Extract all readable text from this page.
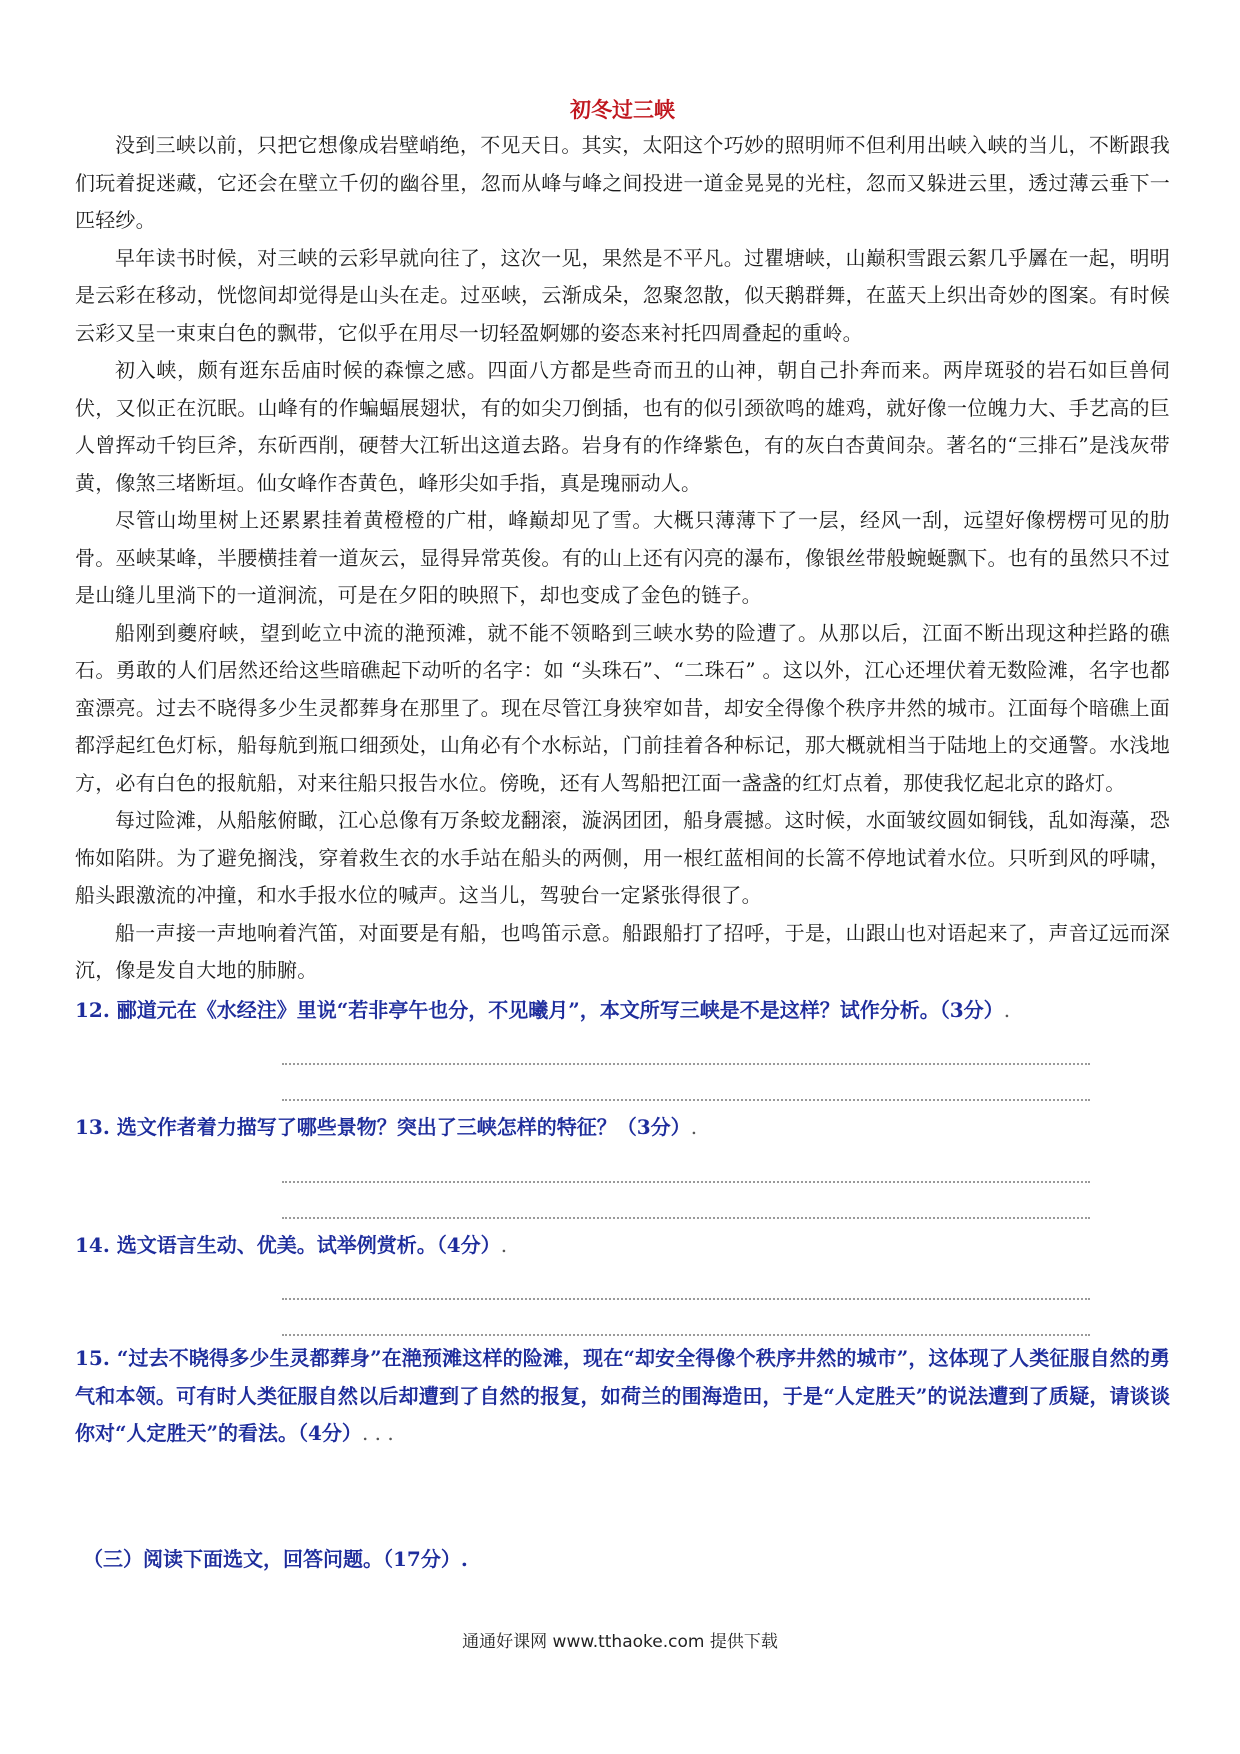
初冬过三峡

没到三峡以前，只把它想像成岩壁峭绝，不见天日。其实，太阳这个巧妙的照明师不但利用出峡入峡的当儿，不断跟我们玩着捉迷藏，它还会在壁立千仞的幽谷里，忽而从峰与峰之间投进一道金晃晃的光柱，忽而又躲进云里，透过薄云垂下一匹轻纱。

早年读书时候，对三峡的云彩早就向往了，这次一见，果然是不平凡。过瞿塘峡，山巅积雪跟云絮几乎羼在一起，明明是云彩在移动，恍惚间却觉得是山头在走。过巫峡，云渐成朵，忽聚忽散，似天鹅群舞，在蓝天上织出奇妙的图案。有时候云彩又呈一束束白色的飘带，它似乎在用尽一切轻盈婀娜的姿态来衬托四周叠起的重岭。

初入峡，颇有逛东岳庙时候的森懔之感。四面八方都是些奇而丑的山神，朝自己扑奔而来。两岸斑驳的岩石如巨兽伺伏，又似正在沉眠。山峰有的作蝙蝠展翅状，有的如尖刀倒插，也有的似引颈欲鸣的雄鸡，就好像一位魄力大、手艺高的巨人曾挥动千钧巨斧，东斫西削，硬替大江斩出这道去路。岩身有的作绛紫色，有的灰白杏黄间杂。著名的“三排石”是浅灰带黄，像煞三堵断垣。仙女峰作杏黄色，峰形尖如手指，真是瑰丽动人。

尽管山坳里树上还累累挂着黄橙橙的广柑，峰巅却见了雪。大概只薄薄下了一层，经风一刮，远望好像楞楞可见的肋骨。巫峡某峰，半腰横挂着一道灰云，显得异常英俊。有的山上还有闪亮的瀑布，像银丝带般蜿蜒飘下。也有的虽然只不过是山缝儿里淌下的一道涧流，可是在夕阳的映照下，却也变成了金色的链子。

船刚到夔府峡，望到屹立中流的滟预滩，就不能不领略到三峡水势的险遭了。从那以后，江面不断出现这种拦路的礁石。勇敢的人们居然还给这些暗礁起下动听的名字：如 “头珠石”、“二珠石” 。这以外，江心还埋伏着无数险滩，名字也都蛮漂亮。过去不晓得多少生灵都葬身在那里了。现在尽管江身狭窄如昔，却安全得像个秩序井然的城市。江面每个暗礁上面都浮起红色灯标，船每航到瓶口细颈处，山角必有个水标站，门前挂着各种标记，那大概就相当于陆地上的交通警。水浅地方，必有白色的报航船，对来往船只报告水位。傍晚，还有人驾船把江面一盏盏的红灯点着，那使我忆起北京的路灯。

每过险滩，从船舷俯瞰，江心总像有万条蛟龙翻滚，漩涡团团，船身震撼。这时候，水面皱纹圆如铜钱，乱如海藻，恐怖如陷阱。为了避免搁浅，穿着救生衣的水手站在船头的两侧，用一根红蓝相间的长篙不停地试着水位。只听到风的呼啸，船头跟激流的冲撞，和水手报水位的喊声。这当儿，驾驶台一定紧张得很了。

船一声接一声地响着汽笛，对面要是有船，也鸣笛示意。船跟船打了招呼，于是，山跟山也对语起来了，声音辽远而深沉，像是发自大地的肺腑。

12. 郦道元在《水经注》里说“若非亭午也分，不见曦月”，本文所写三峡是不是这样？试作分析。（3分）.

13. 选文作者着力描写了哪些景物？突出了三峡怎样的特征？（3分）.

14. 选文语言生动、优美。试举例赏析。（4分）.

15. “过去不晓得多少生灵都葬身”在滟预滩这样的险滩，现在“却安全得像个秩序井然的城市”，这体现了人类征服自然的勇气和本领。可有时人类征服自然以后却遭到了自然的报复，如荷兰的围海造田，于是“人定胜天”的说法遭到了质疑，请谈谈你对“人定胜天”的看法。（4分）. . .

（三）阅读下面选文，回答问题。（17分）.
通通好课网 www.tthaoke.com 提供下载
